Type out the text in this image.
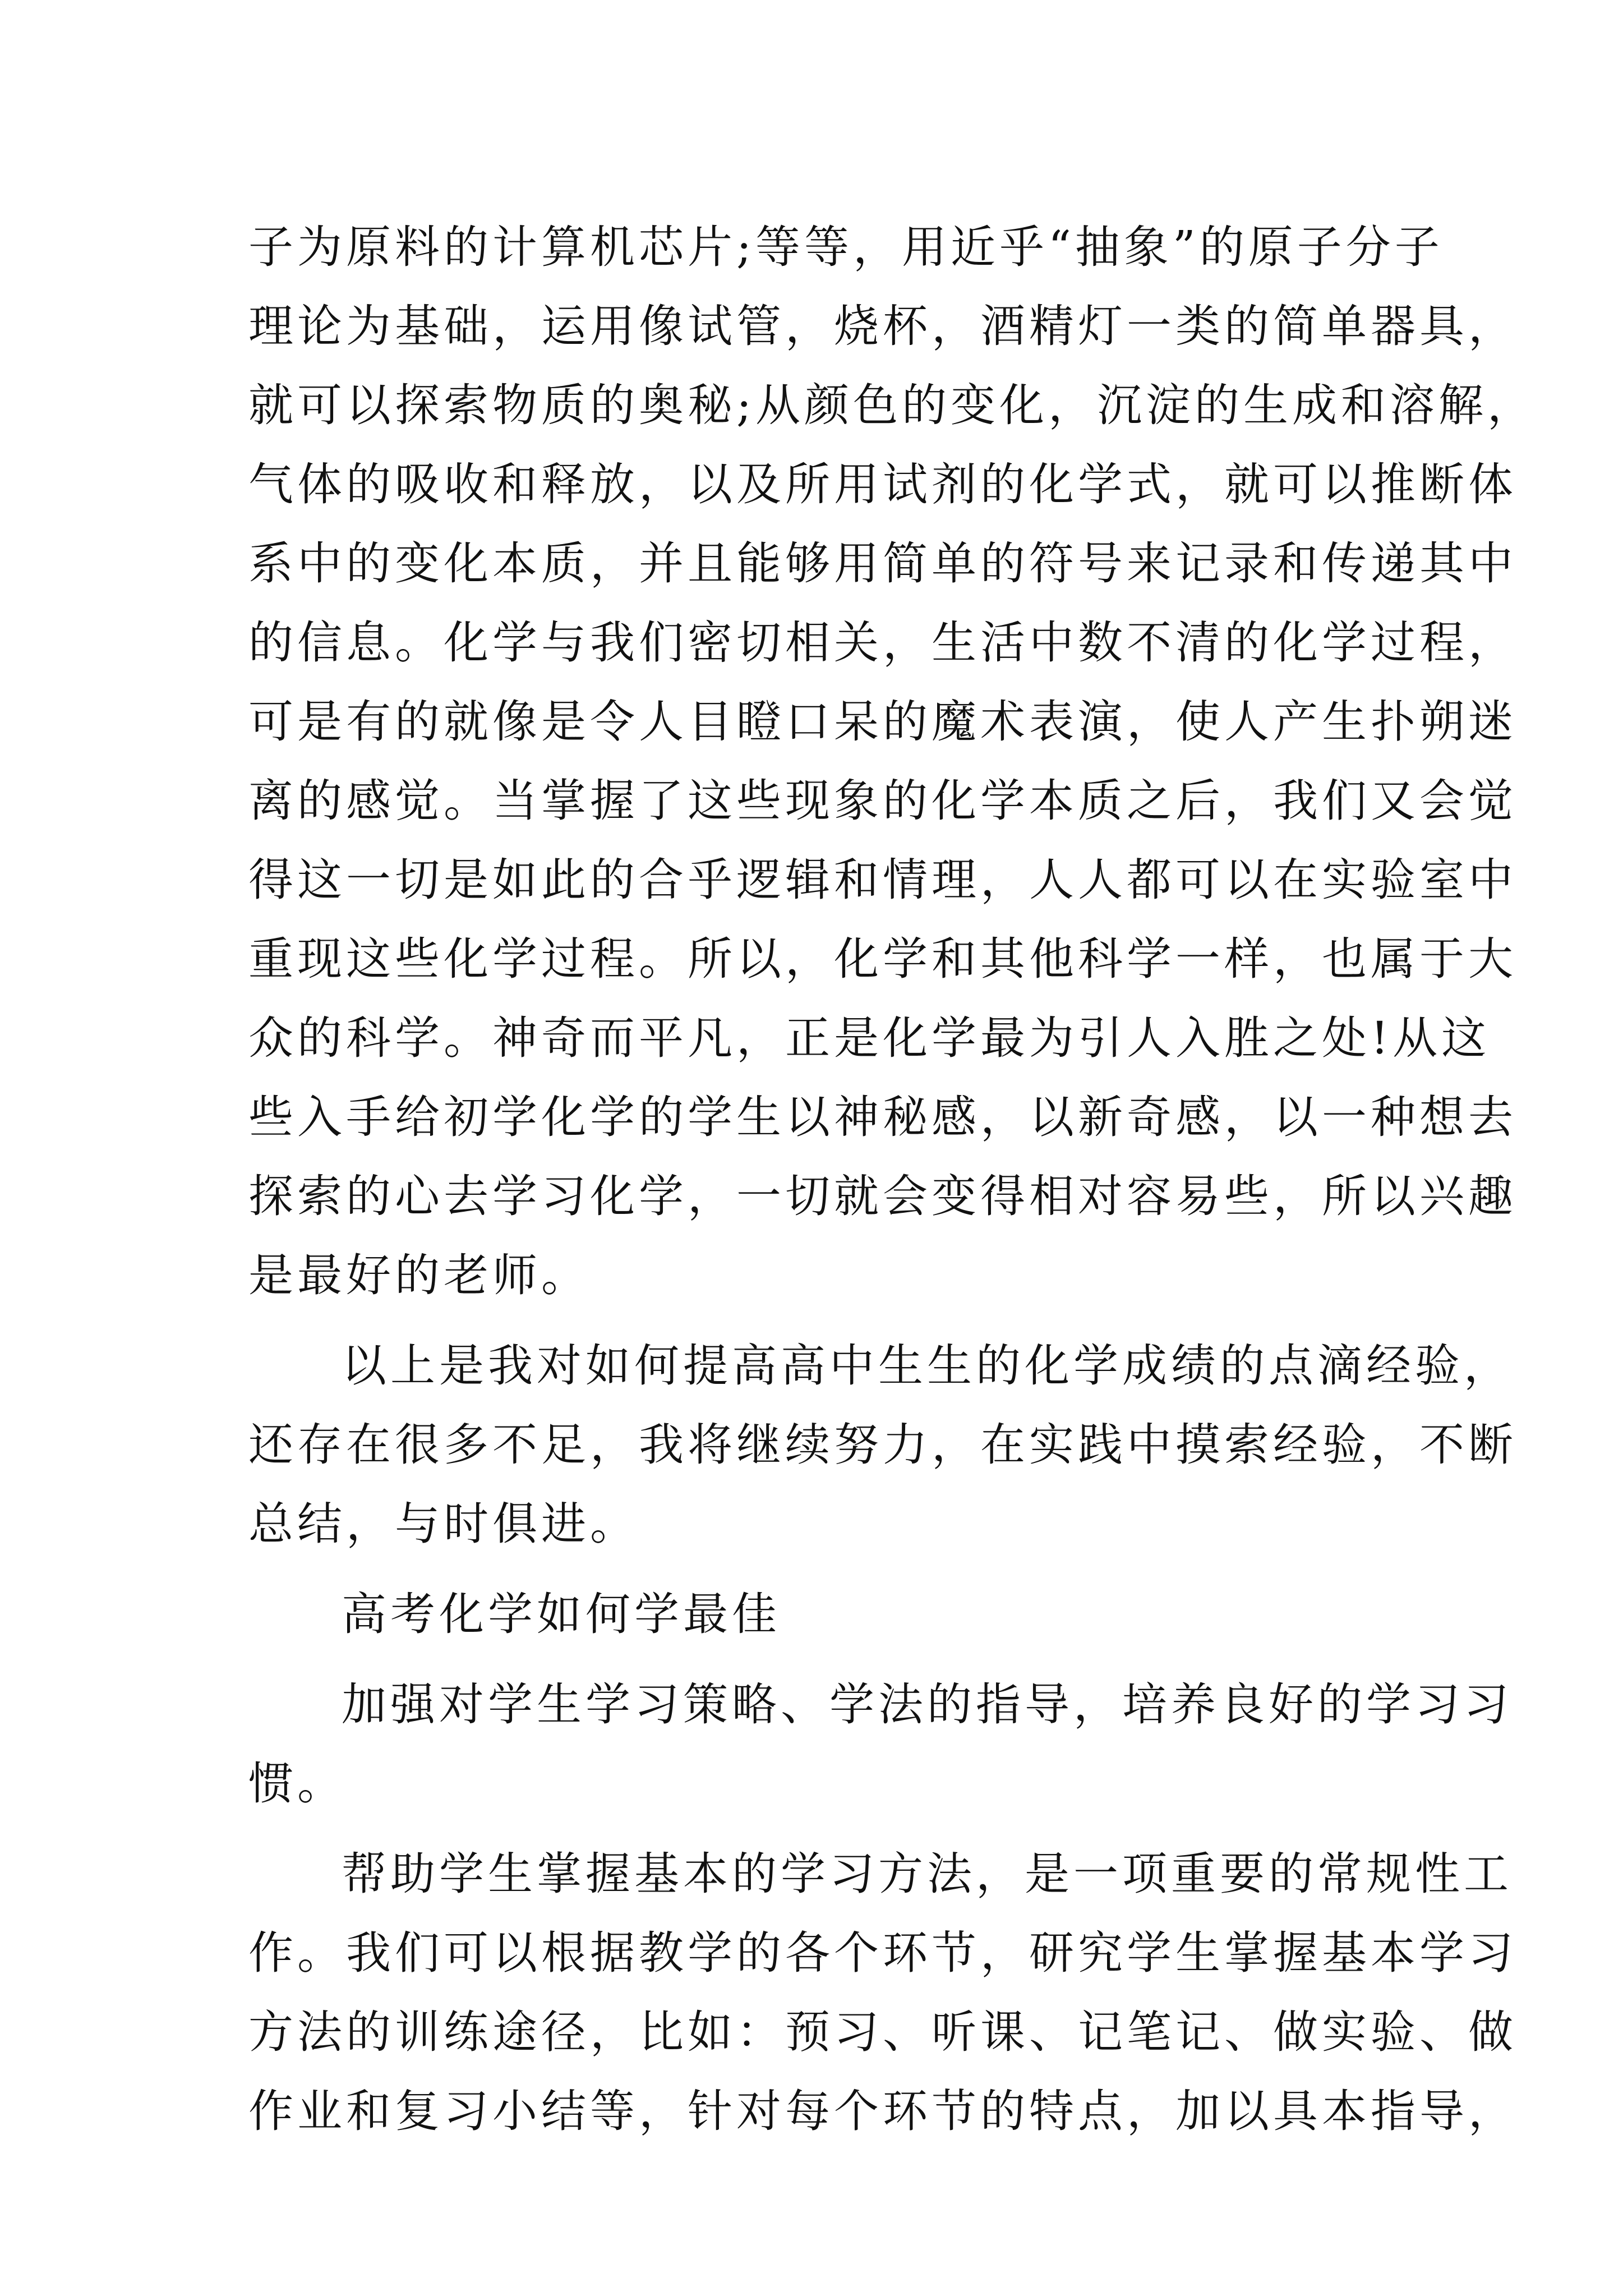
子为原料的计算机芯片;等等，用近乎“抽象”的原子分子
理论为基础，运用像试管，烧杯，酒精灯一类的简单器具，
就可以探索物质的奥秘;从颜色的变化，沉淀的生成和溶解，
气体的吸收和释放，以及所用试剂的化学式，就可以推断体
系中的变化本质，并且能够用简单的符号来记录和传递其中
的信息。化学与我们密切相关，生活中数不清的化学过程，
可是有的就像是令人目瞪口呆的魔术表演，使人产生扑朔迷
离的感觉。当掌握了这些现象的化学本质之后，我们又会觉
得这一切是如此的合乎逻辑和情理，人人都可以在实验室中
重现这些化学过程。所以，化学和其他科学一样，也属于大
众的科学。神奇而平凡，正是化学最为引人入胜之处!从这
些入手给初学化学的学生以神秘感，以新奇感，以一种想去
探索的心去学习化学，一切就会变得相对容易些，所以兴趣
是最好的老师。
以上是我对如何提高高中生生的化学成绩的点滴经验，
还存在很多不足，我将继续努力，在实践中摸索经验，不断
总结，与时俱进。
高考化学如何学最佳
加强对学生学习策略、学法的指导，培养良好的学习习
惯。
帮助学生掌握基本的学习方法，是一项重要的常规性工
作。我们可以根据教学的各个环节，研究学生掌握基本学习
方法的训练途径，比如：预习、听课、记笔记、做实验、做
作业和复习小结等，针对每个环节的特点，加以具本指导，
